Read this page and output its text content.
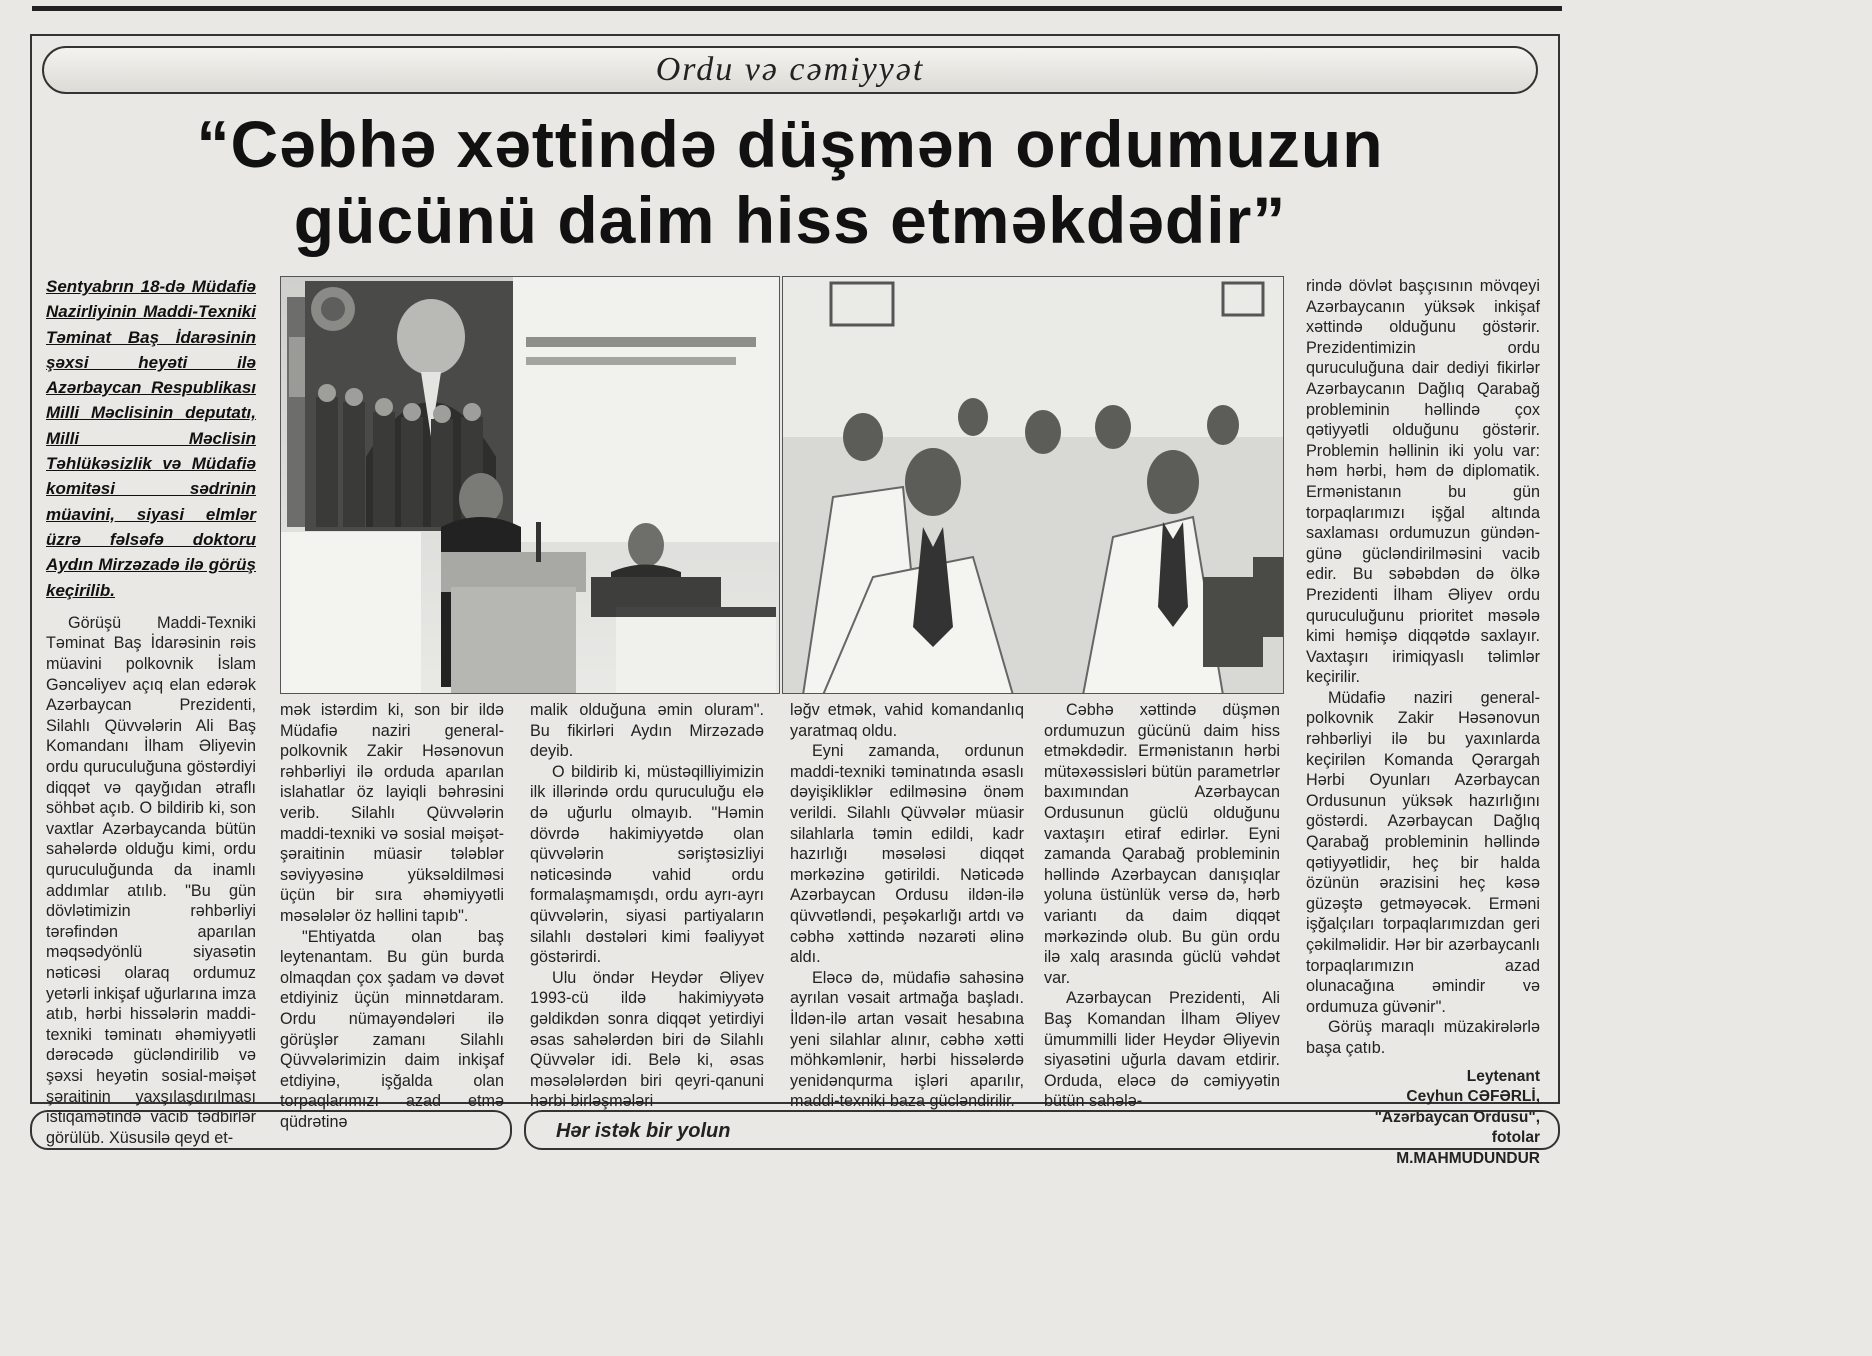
Ordu və cəmiyyət
“Cəbhə xəttində düşmən ordumuzun
gücünü daim hiss etməkdədir”

Sentyabrın 18-də Müdafiə Nazirliyinin Maddi-Texniki Təminat Baş İdarəsinin şəxsi heyəti ilə Azərbaycan Respublikası Milli Məclisinin deputatı, Milli Məclisin Təhlükəsizlik və Müdafiə komitəsi sədrinin müavini, siyasi elmlər üzrə fəlsəfə doktoru Aydın Mirzəzadə ilə görüş keçirilib.

Görüşü Maddi-Texniki Təminat Baş İdarəsinin rəis müavini polkovnik İslam Gəncəliyev açıq elan edərək Azərbaycan Prezidenti, Silahlı Qüvvələrin Ali Baş Komandanı İlham Əliyevin ordu quruculuğuna göstərdiyi diqqət və qayğıdan ətraflı söhbət açıb. O bildirib ki, son vaxtlar Azərbaycanda bütün sahələrdə olduğu kimi, ordu quruculuğunda da inamlı addımlar atılıb. "Bu gün dövlətimizin rəhbərliyi tərəfindən aparılan məqsədyönlü siyasətin nəticəsi olaraq ordumuz yetərli inkişaf uğurlarına imza atıb, hərbi hissələrin maddi-texniki təminatı əhəmiyyətli dərəcədə gücləndirilib və şəxsi heyətin sosial-məişət şəraitinin yaxşılaşdırılması istiqamətində vacib tədbirlər görülüb. Xüsusilə qeyd et-

mək istərdim ki, son bir ildə Müdafiə naziri general-polkovnik Zakir Həsənovun rəhbərliyi ilə orduda aparılan islahatlar öz layiqli bəhrəsini verib. Silahlı Qüvvələrin maddi-texniki və sosial məişət-şəraitinin müasir tələblər səviyyəsinə yüksəldilməsi üçün bir sıra əhəmiyyətli məsələlər öz həllini tapıb".

"Ehtiyatda olan baş leytenantam. Bu gün burda olmaqdan çox şadam və dəvət etdiyiniz üçün minnətdaram. Ordu nümayəndələri ilə görüşlər zamanı Silahlı Qüvvələrimizin daim inkişaf etdiyinə, işğalda olan torpaqlarımızı azad etmə qüdrətinə

malik olduğuna əmin oluram". Bu fikirləri Aydın Mirzəzadə deyib.

O bildirib ki, müstəqilliyimizin ilk illərində ordu quruculuğu elə də uğurlu olmayıb. "Həmin dövrdə hakimiyyətdə olan qüvvələrin səriştəsizliyi nəticəsində vahid ordu formalaşmamışdı, ordu ayrı-ayrı qüvvələrin, siyasi partiyaların silahlı dəstələri kimi fəaliyyət göstərirdi.

Ulu öndər Heydər Əliyev 1993-cü ildə hakimiyyətə gəldikdən sonra diqqət yetirdiyi əsas sahələrdən biri də Silahlı Qüvvələr idi. Belə ki, əsas məsələlərdən biri qeyri-qanuni hərbi birləşmələri

ləğv etmək, vahid komandanlıq yaratmaq oldu.

Eyni zamanda, ordunun maddi-texniki təminatında əsaslı dəyişikliklər edilməsinə önəm verildi. Silahlı Qüvvələr müasir silahlarla təmin edildi, kadr hazırlığı məsələsi diqqət mərkəzinə gətirildi. Nəticədə Azərbaycan Ordusu ildən-ilə qüvvətləndi, peşəkarlığı artdı və cəbhə xəttində nəzarəti əlinə aldı.

Eləcə də, müdafiə sahəsinə ayrılan vəsait artmağa başladı. İldən-ilə artan vəsait hesabına yeni silahlar alınır, cəbhə xətti möhkəmlənir, hərbi hissələrdə yenidənqurma işləri aparılır, maddi-texniki baza gücləndirilir.

Cəbhə xəttində düşmən ordumuzun gücünü daim hiss etməkdədir. Ermənistanın hərbi mütəxəssisləri bütün parametrlər baxımından Azərbaycan Ordusunun güclü olduğunu vaxtaşırı etiraf edirlər. Eyni zamanda Qarabağ probleminin həllində Azərbaycan danışıqlar yoluna üstünlük versə də, hərb variantı da daim diqqət mərkəzində olub. Bu gün ordu ilə xalq arasında güclü vəhdət var.

Azərbaycan Prezidenti, Ali Baş Komandan İlham Əliyev ümummilli lider Heydər Əliyevin siyasətini uğurla davam etdirir. Orduda, eləcə də cəmiyyətin bütün sahələ-

rində dövlət başçısının mövqeyi Azərbaycanın yüksək inkişaf xəttində olduğunu göstərir. Prezidentimizin ordu quruculuğuna dair dediyi fikirlər Azərbaycanın Dağlıq Qarabağ probleminin həllində çox qətiyyətli olduğunu göstərir. Problemin həllinin iki yolu var: həm hərbi, həm də diplomatik. Ermənistanın bu gün torpaqlarımızı işğal altında saxlaması ordumuzun gündən-günə gücləndirilməsini vacib edir. Bu səbəbdən də ölkə Prezidenti İlham Əliyev ordu quruculuğunu prioritet məsələ kimi həmişə diqqətdə saxlayır. Vaxtaşırı irimiqyaslı təlimlər keçirilir.

Müdafiə naziri general-polkovnik Zakir Həsənovun rəhbərliyi ilə bu yaxınlarda keçirilən Komanda Qərargah Hərbi Oyunları Azərbaycan Ordusunun yüksək hazırlığını göstərdi. Azərbaycan Dağlıq Qarabağ probleminin həllində qətiyyətlidir, heç bir halda özünün ərazisini heç kəsə güzəştə getməyəcək. Erməni işğalçıları torpaqlarımızdan geri çəkilməlidir. Hər bir azərbaycanlı torpaqlarımızın azad olunacağına əmindir və ordumuza güvənir".

Görüş maraqlı müzakirələrlə başa çatıb.

Leytenant
Ceyhun CƏFƏRLİ,
"Azərbaycan Ordusu",
fotolar
M.MAHMUDUNDUR
Hər istək bir yolun
